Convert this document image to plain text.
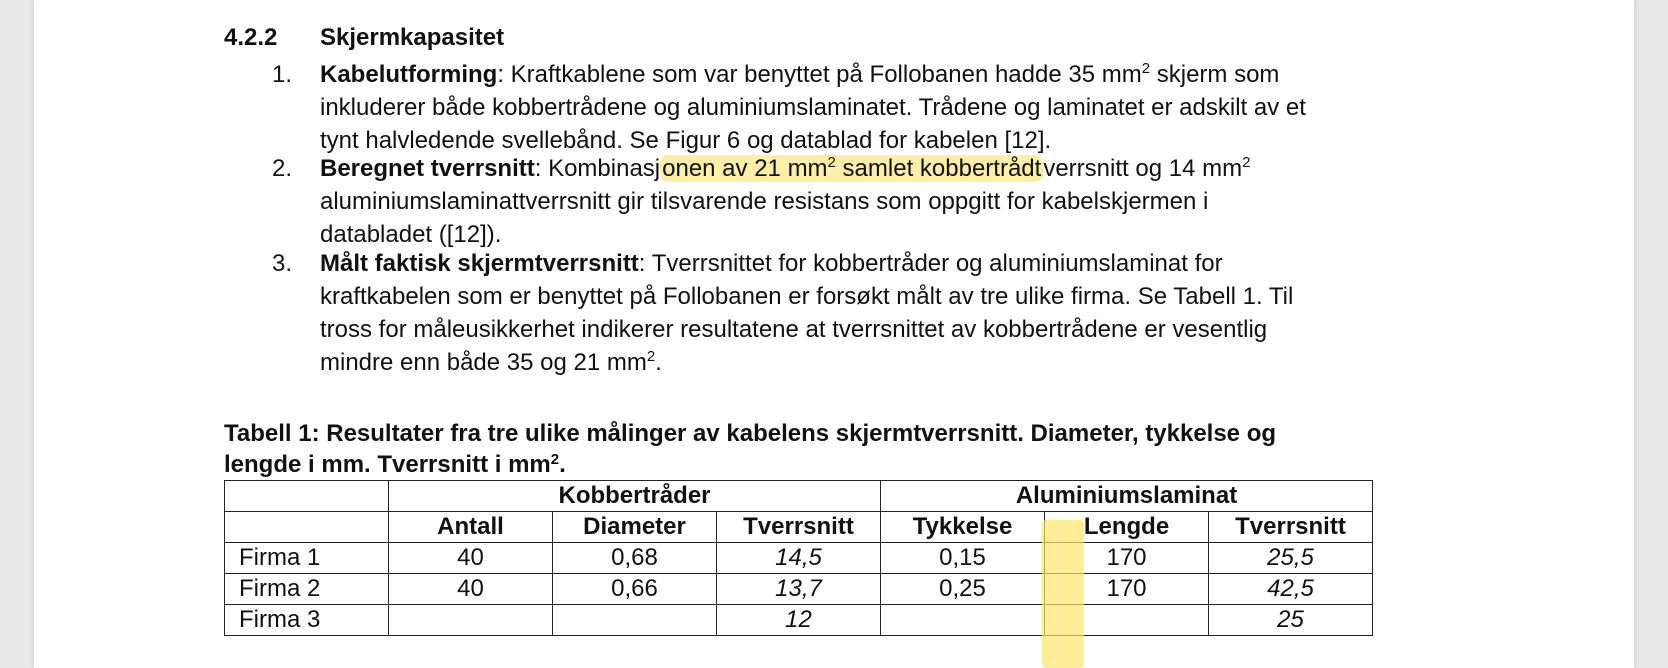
4.2.2 Skjermkapasitet
1. Kabelutforming: Kraftkablene som var benyttet på Follobanen hadde 35 $mm^2$ skjerm som
inkluderer både kobbertrådene og aluminiumslaminatet. Trådene og laminatet er adskilt av et
tynt halvledende svellebånd. Se Figur 6 og datablad for kabelen [12].
2. Beregnet tverrsnitt: Kombinasjonen av 21 $mm^2$ samlet kobbertrådtverrsnitt og 14 $mm^2$
aluminiumslaminattverrsnitt gir tilsvarende resistans som oppgitt for kabelskjermen i
databladet ([12]).
3. Målt faktisk skjermtverrsnitt: Tverrsnittet for kobbertråder og aluminiumslaminat for
kraftkabelen som er benyttet på Follobanen er forsøkt målt av tre ulike firma. Se Tabell 1. Til
tross for måleusikkerhet indikerer resultatene at tverrsnittet av kobbertrådene er vesentlig
mindre enn både 35 og 21 $mm^2$.
Tabell 1: Resultater fra tre ulike målinger av kabelens skjermtverrsnitt. Diameter, tykkelse og
lengde i mm. Tverrsnitt i $mm^2$.
	Kobbertråder			Aluminiumslaminat		
	Antall	Diameter	Tverrsnitt	Tykkelse	Lengde	Tverrsnitt
Firma 1	40	0,68	14,5	0,15	170	25,5
Firma 2	40	0,66	13,7	0,25	170	42,5
Firma 3			12			25
